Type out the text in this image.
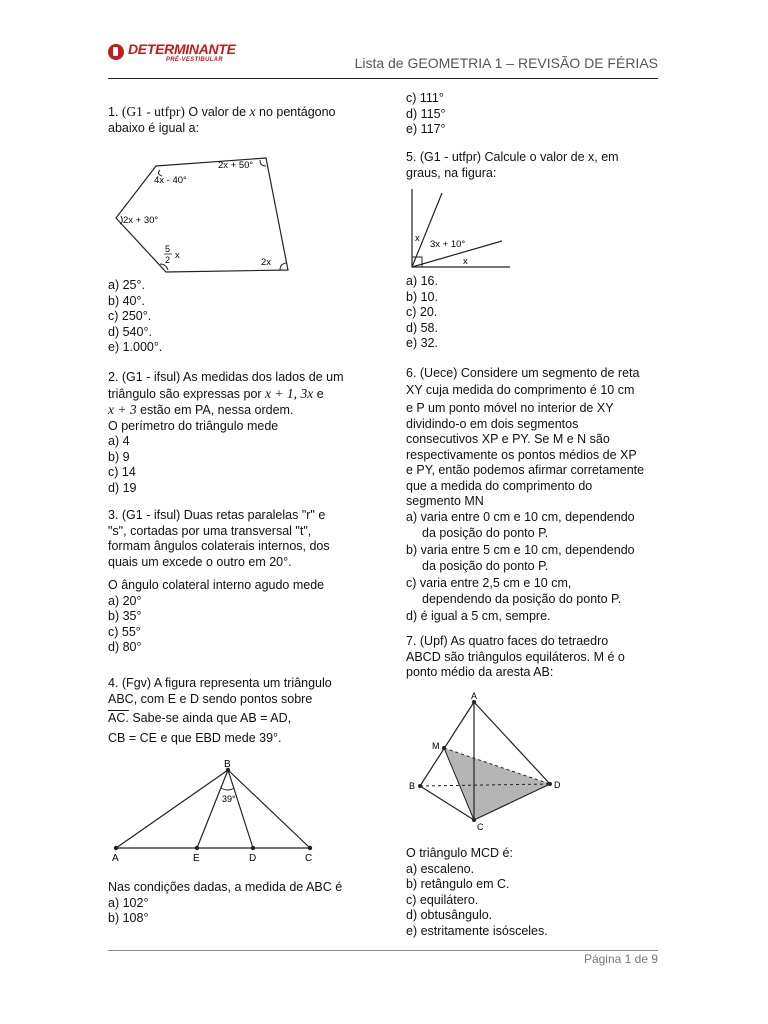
DETERMINANTE
PRÉ-VESTIBULAR	Lista de GEOMETRIA 1 – REVISÃO DE FÉRIAS

1. (G1 - utfpr) O valor de x no pentágono

abaixo é igual a:

2x + 50°
4x - 40°
2x + 30°
2x
5
2 x

a) 25°.

b) 40°.

c) 250°.

d) 540°.

e) 1.000°.

2. (G1 - ifsul) As medidas dos lados de um

triângulo são expressas por x + 1, 3x e

x + 3 estão em PA, nessa ordem.

O perímetro do triângulo mede

a) 4

b) 9

c) 14

d) 19

3. (G1 - ifsul) Duas retas paralelas "r" e

"s", cortadas por uma transversal "t",

formam ângulos colaterais internos, dos

quais um excede o outro em 20°.

O ângulo colateral interno agudo mede

a) 20°

b) 35°

c) 55°

d) 80°

4. (Fgv) A figura representa um triângulo

ABC, com E e D sendo pontos sobre

AC. Sabe-se ainda que AB = AD,

CB = CE e que EBD mede 39°.

B
39°
A	E	D	C

Nas condições dadas, a medida de ABC é

a) 102°

b) 108°

c) 111°

d) 115°

e) 117°

5. (G1 - utfpr) Calcule o valor de x, em

graus, na figura:

x
3x + 10°
x

a) 16.

b) 10.

c) 20.

d) 58.

e) 32.

6. (Uece) Considere um segmento de reta

XY cuja medida do comprimento é 10 cm

e P um ponto móvel no interior de XY

dividindo-o em dois segmentos

consecutivos XP e PY. Se M e N são

respectivamente os pontos médios de XP

e PY, então podemos afirmar corretamente

que a medida do comprimento do

segmento MN

a) varia entre 0 cm e 10 cm, dependendo

da posição do ponto P.

b) varia entre 5 cm e 10 cm, dependendo

da posição do ponto P.

c) varia entre 2,5 cm e 10 cm,

dependendo da posição do ponto P.

d) é igual a 5 cm, sempre.

7. (Upf) As quatro faces do tetraedro

ABCD são triângulos equiláteros. M é o

ponto médio da aresta AB:

A
M
B
C
D

O triângulo MCD é:

a) escaleno.

b) retângulo em C.

c) equilátero.

d) obtusângulo.

e) estritamente isósceles.

Página 1 de 9
